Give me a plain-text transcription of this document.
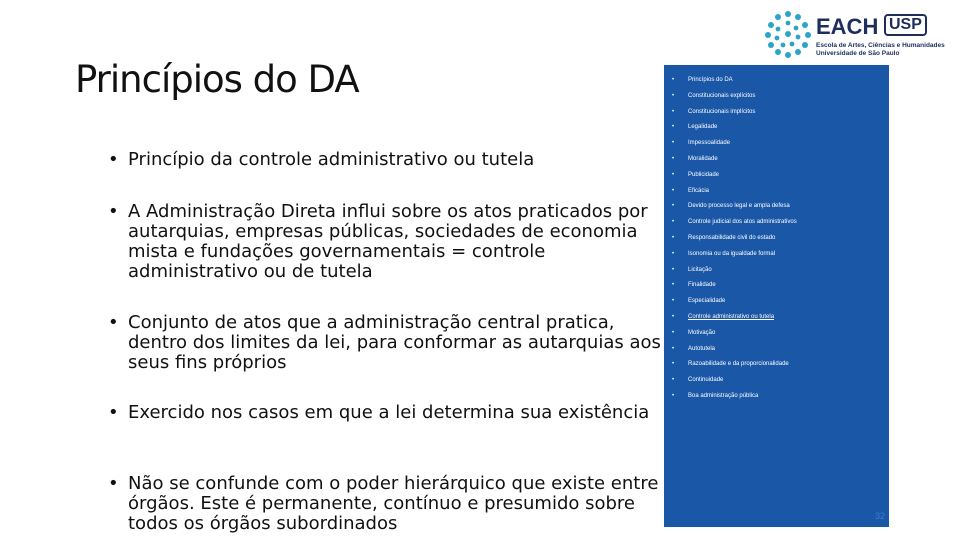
Princípios do DA
• Princípio da controle administrativo ou tutela
• A Administração Direta influi sobre os atos praticados por autarquias, empresas públicas, sociedades de economia mista e fundações governamentais = controle administrativo ou de tutela
• Conjunto de atos que a administração central pratica, dentro dos limites da lei, para conformar as autarquias aos seus fins próprios
• Exercido nos casos em que a lei determina sua existência
• Não se confunde com o poder hierárquico que existe entre órgãos. Este é permanente, contínuo e presumido sobre todos os órgãos subordinados
EACH USP
Escola de Artes, Ciências e Humanidades Universidade de São Paulo
• Princípios do DA
• Constitucionais explícitos
• Constitucionais implícitos
• Legalidade
• Impessoalidade
• Moralidade
• Publicidade
• Eficácia
• Devido processo legal e ampla defesa
• Controle judicial dos atos administrativos
• Responsabilidade civil do estado
• Isonomia ou da igualdade formal
• Licitação
• Finalidade
• Especialidade
• Controle administrativo ou tutela
• Motivação
• Autotutela
• Razoabilidade e da proporcionalidade
• Continuidade
• Boa administração pública
32
